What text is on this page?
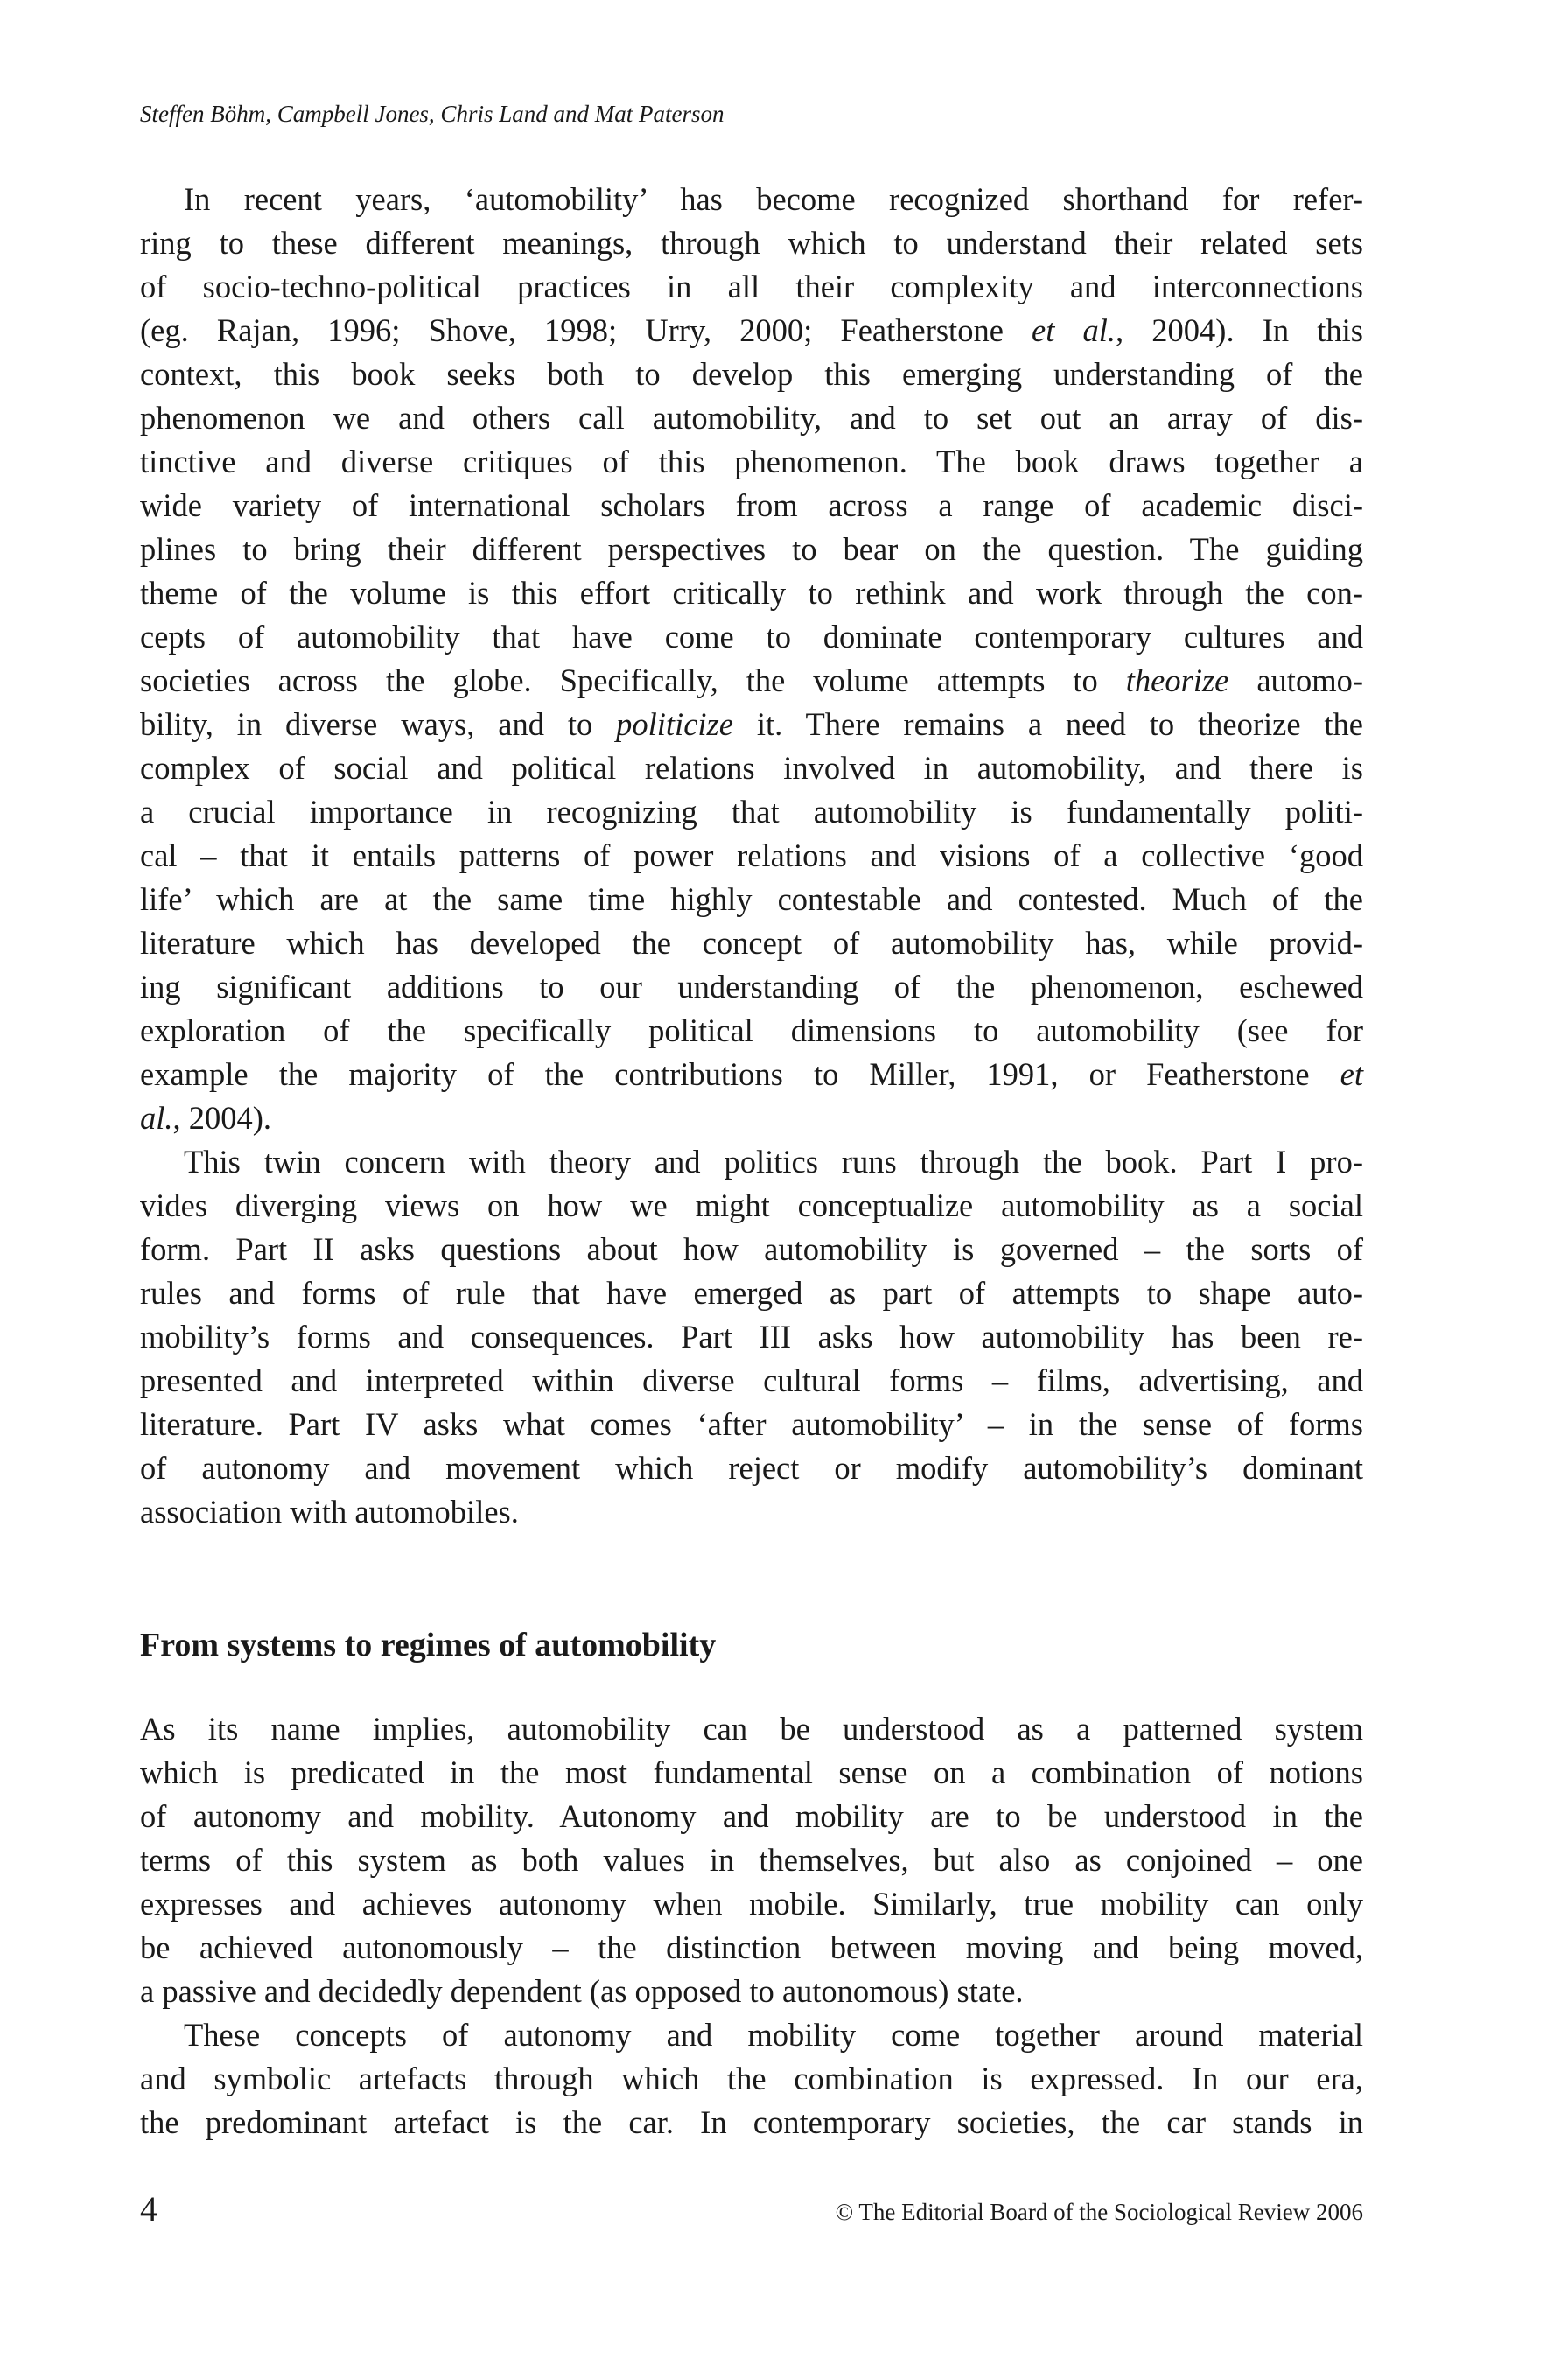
Steffen Böhm, Campbell Jones, Chris Land and Mat Paterson
In recent years, ‘automobility’ has become recognized shorthand for refer-
ring to these different meanings, through which to understand their related sets
of socio-techno-political practices in all their complexity and interconnections
(eg. Rajan, 1996; Shove, 1998; Urry, 2000; Featherstone et al., 2004). In this
context, this book seeks both to develop this emerging understanding of the
phenomenon we and others call automobility, and to set out an array of dis-
tinctive and diverse critiques of this phenomenon. The book draws together a
wide variety of international scholars from across a range of academic disci-
plines to bring their different perspectives to bear on the question. The guiding
theme of the volume is this effort critically to rethink and work through the con-
cepts of automobility that have come to dominate contemporary cultures and
societies across the globe. Specifically, the volume attempts to theorize automo-
bility, in diverse ways, and to politicize it. There remains a need to theorize the
complex of social and political relations involved in automobility, and there is
a crucial importance in recognizing that automobility is fundamentally politi-
cal – that it entails patterns of power relations and visions of a collective ‘good
life’ which are at the same time highly contestable and contested. Much of the
literature which has developed the concept of automobility has, while provid-
ing significant additions to our understanding of the phenomenon, eschewed
exploration of the specifically political dimensions to automobility (see for
example the majority of the contributions to Miller, 1991, or Featherstone et
al., 2004).
This twin concern with theory and politics runs through the book. Part I pro-
vides diverging views on how we might conceptualize automobility as a social
form. Part II asks questions about how automobility is governed – the sorts of
rules and forms of rule that have emerged as part of attempts to shape auto-
mobility’s forms and consequences. Part III asks how automobility has been re-
presented and interpreted within diverse cultural forms – films, advertising, and
literature. Part IV asks what comes ‘after automobility’ – in the sense of forms
of autonomy and movement which reject or modify automobility’s dominant
association with automobiles.
From systems to regimes of automobility
As its name implies, automobility can be understood as a patterned system
which is predicated in the most fundamental sense on a combination of notions
of autonomy and mobility. Autonomy and mobility are to be understood in the
terms of this system as both values in themselves, but also as conjoined – one
expresses and achieves autonomy when mobile. Similarly, true mobility can only
be achieved autonomously – the distinction between moving and being moved,
a passive and decidedly dependent (as opposed to autonomous) state.
These concepts of autonomy and mobility come together around material
and symbolic artefacts through which the combination is expressed. In our era,
the predominant artefact is the car. In contemporary societies, the car stands in
4	© The Editorial Board of the Sociological Review 2006
